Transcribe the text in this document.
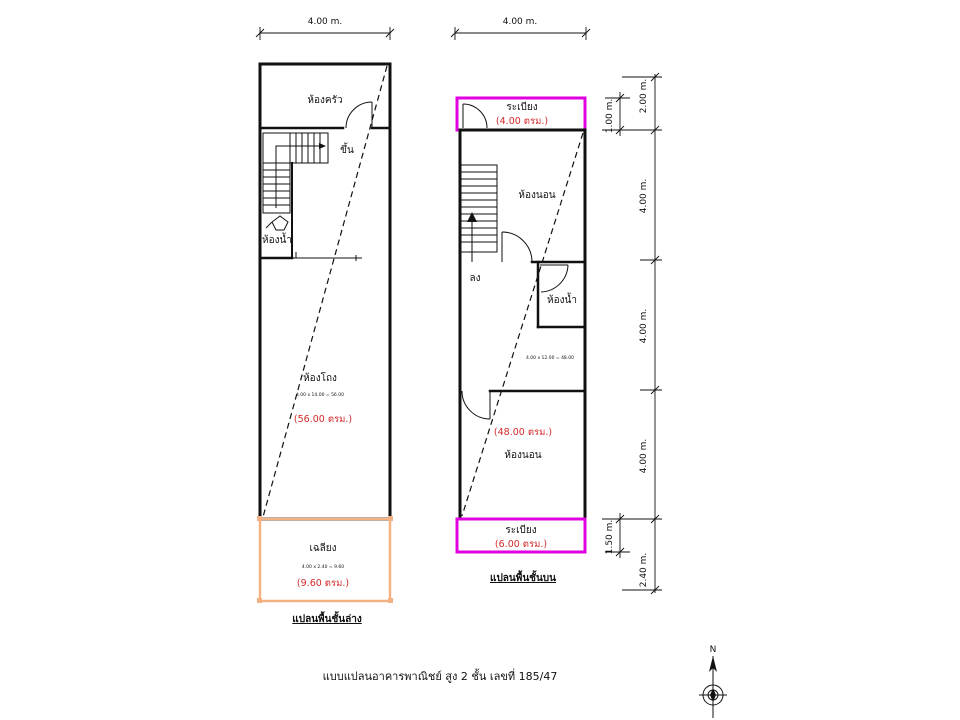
4.00 m.
ห้องครัว
ขึ้น
ห้องน้ำ
ห้องโถง
4.00 x 14.00 = 56.00
(56.00 ตรม.)
เฉลียง
4.00 x 2.40 = 9.60
(9.60 ตรม.)
แปลนพื้นชั้นล่าง
4.00 m.
ระเบียง
(4.00 ตรม.)
ลง
ห้องนอน
ห้องน้ำ
4.00 x 12.00 = 48.00
(48.00 ตรม.)
ห้องนอน
ระเบียง
(6.00 ตรม.)
แปลนพื้นชั้นบน
2.00 m.
1.00 m.
4.00 m.
4.00 m.
4.00 m.
1.50 m.
2.40 m.
แบบแปลนอาคารพาณิชย์ สูง 2 ชั้น เลขที่ 185/47
N
